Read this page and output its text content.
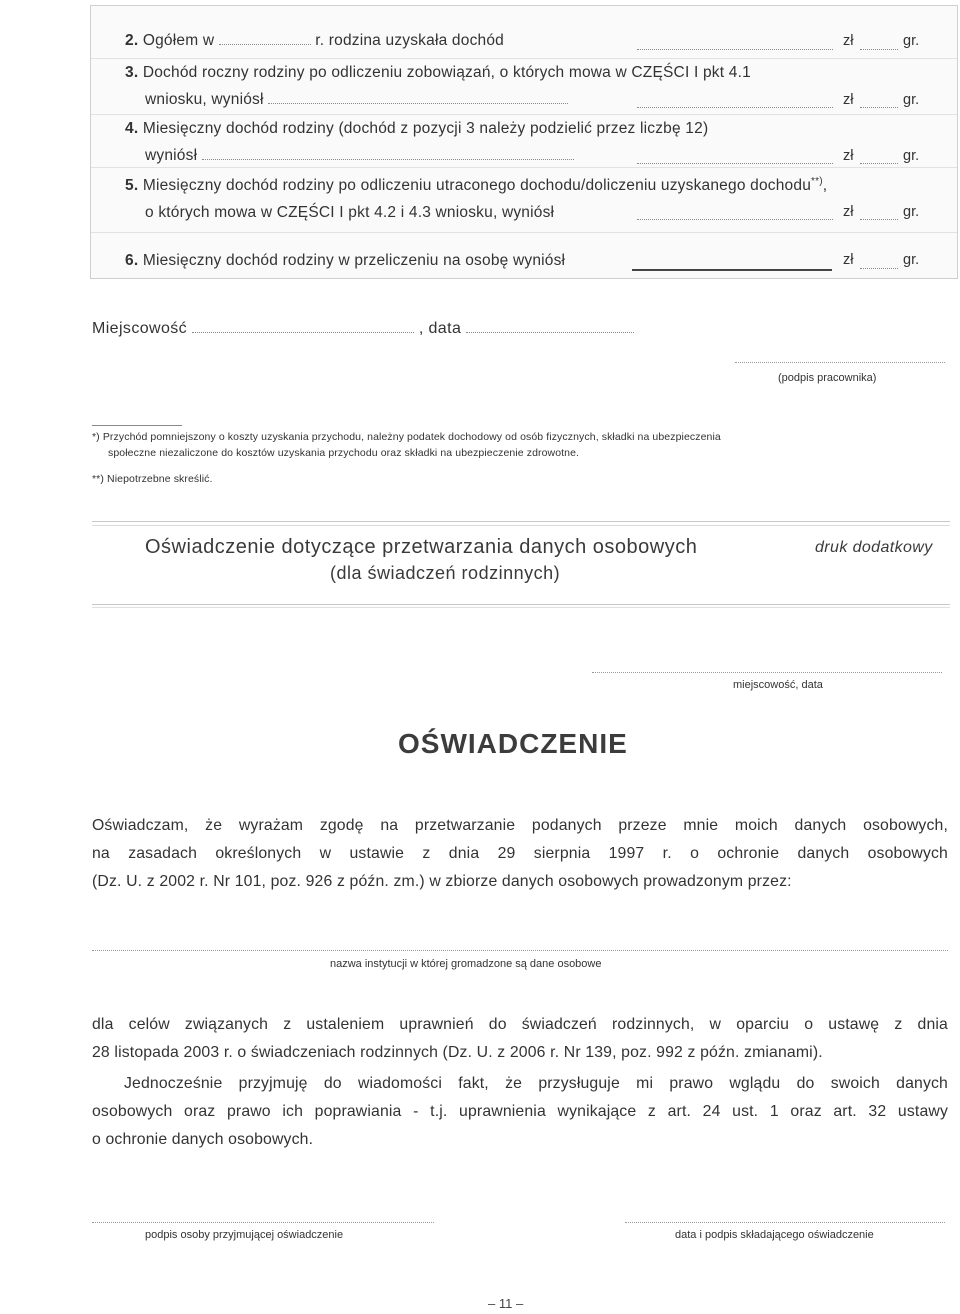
2. Ogółem w	r. rodzina uzyskała dochód	zł	gr.
3. Dochód roczny rodziny po odliczeniu zobowiązań, o których mowa w CZĘŚCI I pkt 4.1
wniosku, wyniósł	zł	gr.
4. Miesięczny dochód rodziny (dochód z pozycji 3 należy podzielić przez liczbę 12)
wyniósł	zł	gr.
5. Miesięczny dochód rodziny po odliczeniu utraconego dochodu/doliczeniu uzyskanego dochodu**),
o których mowa w CZĘŚCI I pkt 4.2 i 4.3 wniosku, wyniósł	zł	gr.
6. Miesięczny dochód rodziny w przeliczeniu na osobę wyniósł	zł	gr.
Miejscowość	, data
(podpis pracownika)
*) Przychód pomniejszony o koszty uzyskania przychodu, należny podatek dochodowy od osób fizycznych, składki na ubezpieczenia
społeczne niezaliczone do kosztów uzyskania przychodu oraz składki na ubezpieczenie zdrowotne.
**) Niepotrzebne skreślić.
Oświadczenie dotyczące przetwarzania danych osobowych
(dla świadczeń rodzinnych)
druk dodatkowy
miejscowość, data
OŚWIADCZENIE
Oświadczam, że wyrażam zgodę na przetwarzanie podanych przeze mnie moich danych osobowych,
na zasadach określonych w ustawie z dnia 29 sierpnia 1997 r. o ochronie danych osobowych
(Dz. U. z 2002 r. Nr 101, poz. 926 z późn. zm.) w zbiorze danych osobowych prowadzonym przez:
nazwa instytucji w której gromadzone są dane osobowe
dla celów związanych z ustaleniem uprawnień do świadczeń rodzinnych, w oparciu o ustawę z dnia
28 listopada 2003 r. o świadczeniach rodzinnych (Dz. U. z 2006 r. Nr 139, poz. 992 z późn. zmianami).
Jednocześnie przyjmuję do wiadomości fakt, że przysługuje mi prawo wglądu do swoich danych
osobowych oraz prawo ich poprawiania - t.j. uprawnienia wynikające z art. 24 ust. 1 oraz art. 32 ustawy
o ochronie danych osobowych.
podpis osoby przyjmującej oświadczenie	data i podpis składającego oświadczenie
– 11 –
